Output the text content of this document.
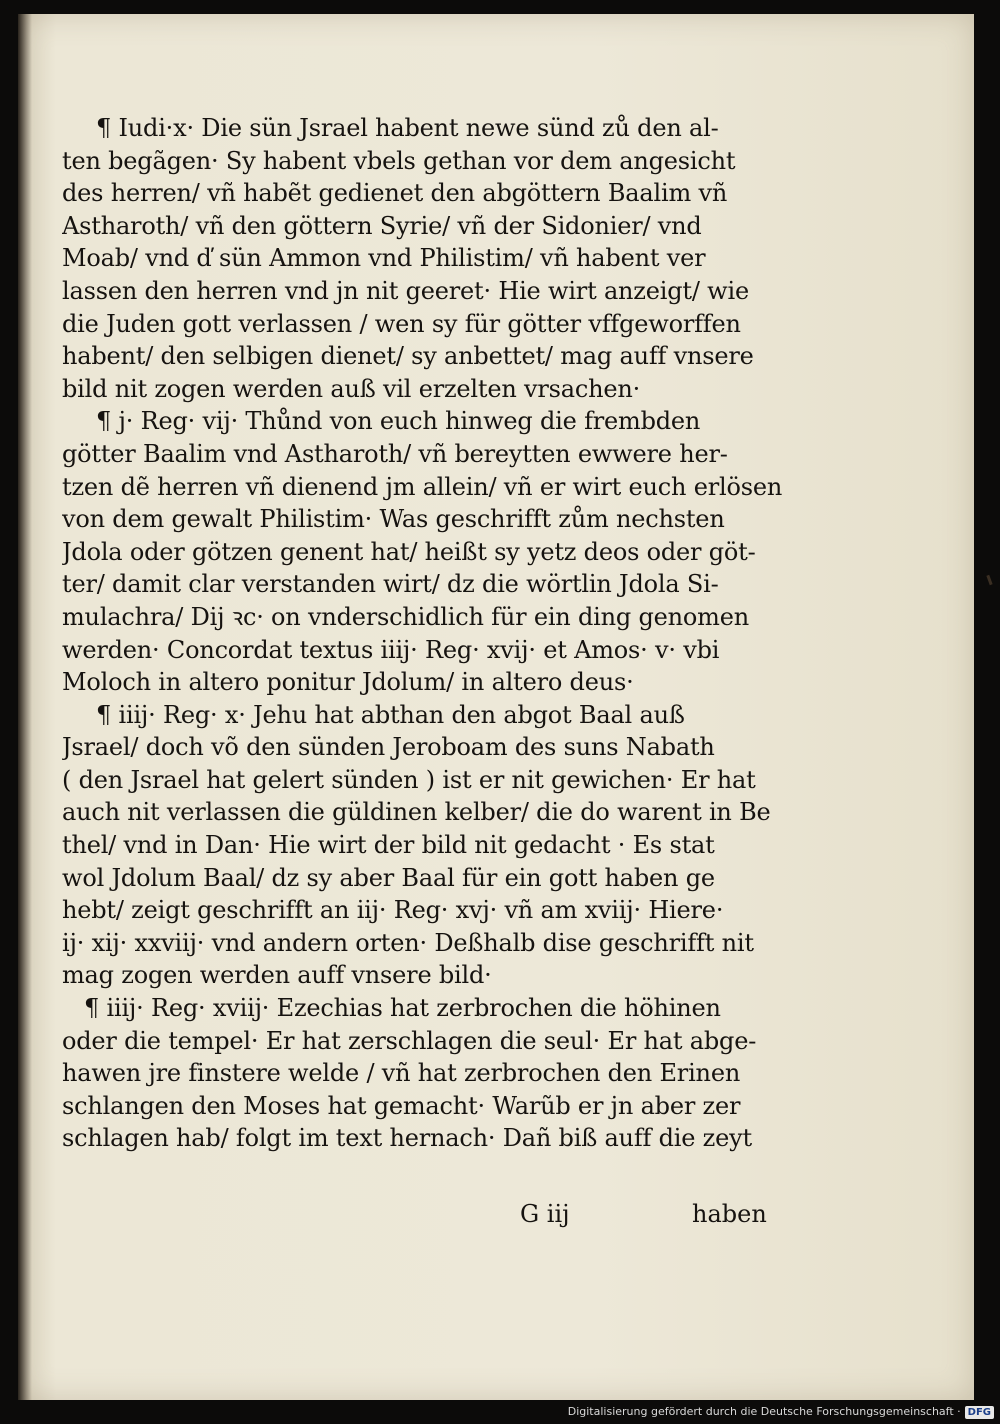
¶ Iudi·x· Die sün Jsrael habent newe sünd zů den al-
ten begãgen· Sy habent vbels gethan vor dem angesicht
des herren/ vñ habẽt gedienet den abgöttern Baalim vñ
Astharoth/ vñ den göttern Syrie/ vñ der Sidonier/ vnd
Moab/ vnd ď sün Ammon vnd Philistim/ vñ habent ver
lassen den herren vnd jn nit geeret· Hie wirt anzeigt/ wie
die Juden gott verlassen / wen sy für götter vffgeworffen
habent/ den selbigen dienet/ sy anbettet/ mag auff vnsere
bild nit zogen werden auß vil erzelten vrsachen·
¶ j· Reg· vij· Thůnd von euch hinweg die frembden
götter Baalim vnd Astharoth/ vñ bereytten ewwere her-
tzen dẽ herren vñ dienend jm allein/ vñ er wirt euch erlösen
von dem gewalt Philistim· Was geschrifft zům nechsten
Jdola oder götzen genent hat/ heißt sy yetz deos oder göt-
ter/ damit clar verstanden wirt/ dz die wörtlin Jdola Si-
mulachra/ Dij ꝛc· on vnderschidlich für ein ding genomen
werden· Concordat textus iiij· Reg· xvij· et Amos· v· vbi
Moloch in altero ponitur Jdolum/ in altero deus·
¶ iiij· Reg· x· Jehu hat abthan den abgot Baal auß
Jsrael/ doch võ den sünden Jeroboam des suns Nabath
( den Jsrael hat gelert sünden ) ist er nit gewichen· Er hat
auch nit verlassen die güldinen kelber/ die do warent in Be
thel/ vnd in Dan· Hie wirt der bild nit gedacht · Es stat
wol Jdolum Baal/ dz sy aber Baal für ein gott haben ge
hebt/ zeigt geschrifft an iij· Reg· xvj· vñ am xviij· Hiere·
ij· xij· xxviij· vnd andern orten· Deßhalb dise geschrifft nit
mag zogen werden auff vnsere bild·
¶ iiij· Reg· xviij· Ezechias hat zerbrochen die höhinen
oder die tempel· Er hat zerschlagen die seul· Er hat abge-
hawen jre finstere welde / vñ hat zerbrochen den Erinen
schlangen den Moses hat gemacht· Warũb er jn aber zer
schlagen hab/ folgt im text hernach· Dañ biß auff die zeyt
G iij	haben
Digitalisierung gefördert durch die Deutsche Forschungsgemeinschaft · DFG
